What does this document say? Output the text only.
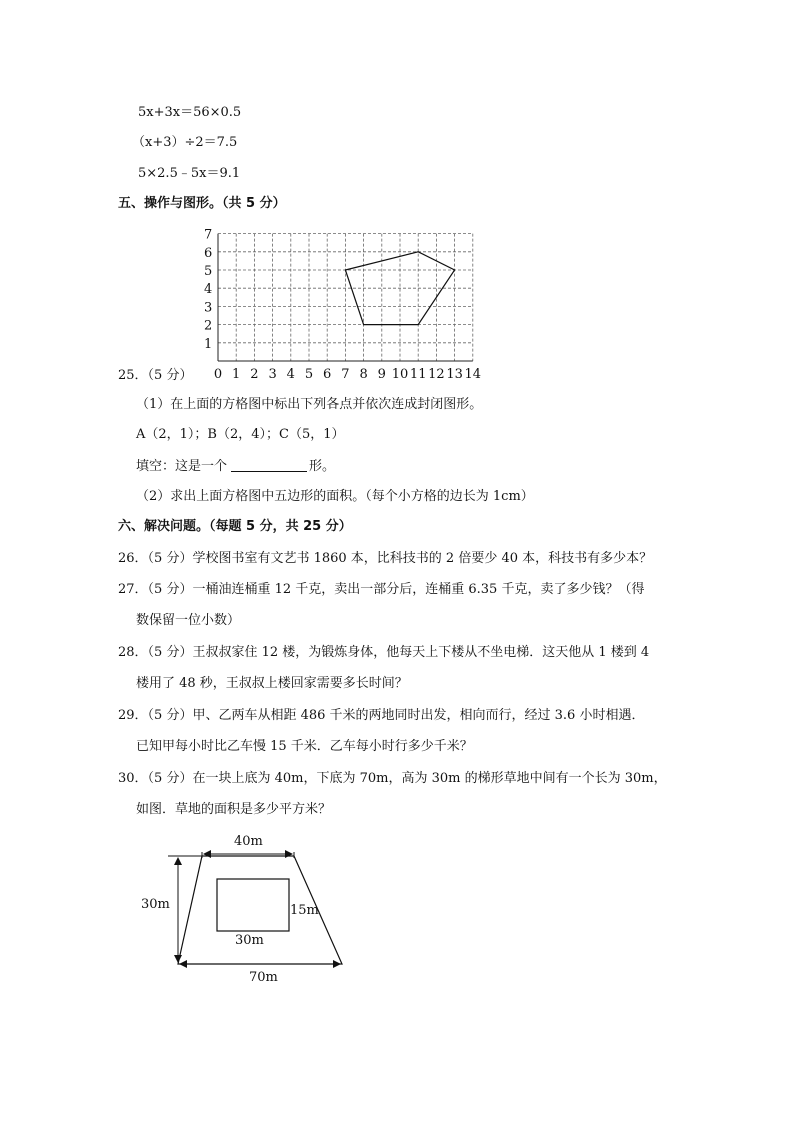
5x+3x＝56×0.5
（x+3）÷2＝7.5
5×2.5﹣5x＝9.1
五、操作与图形。（共 5 分）
7
6
5
4
3
2
1
0 1 2 3 4 5 6 7 8 9 10 11 12 13 14
25．（5 分）
（1）在上面的方格图中标出下列各点并依次连成封闭图形。
A（2，1）；B（2，4）；C（5，1）
填空：这是一个	形。
（2）求出上面方格图中五边形的面积。（每个小方格的边长为 1cm）
六、解决问题。（每题 5 分，共 25 分）
26．（5 分）学校图书室有文艺书 1860 本，比科技书的 2 倍要少 40 本，科技书有多少本？
27．（5 分）一桶油连桶重 12 千克，卖出一部分后，连桶重 6.35 千克，卖了多少钱？（得
数保留一位小数）
28．（5 分）王叔叔家住 12 楼，为锻炼身体，他每天上下楼从不坐电梯．这天他从 1 楼到 4
楼用了 48 秒，王叔叔上楼回家需要多长时间？
29．（5 分）甲、乙两车从相距 486 千米的两地同时出发，相向而行，经过 3.6 小时相遇．
已知甲每小时比乙车慢 15 千米．乙车每小时行多少千米？
30．（5 分）在一块上底为 40m，下底为 70m，高为 30m 的梯形草地中间有一个长为 30m，
如图．草地的面积是多少平方米？
40m
30m	15m
30m
70m
